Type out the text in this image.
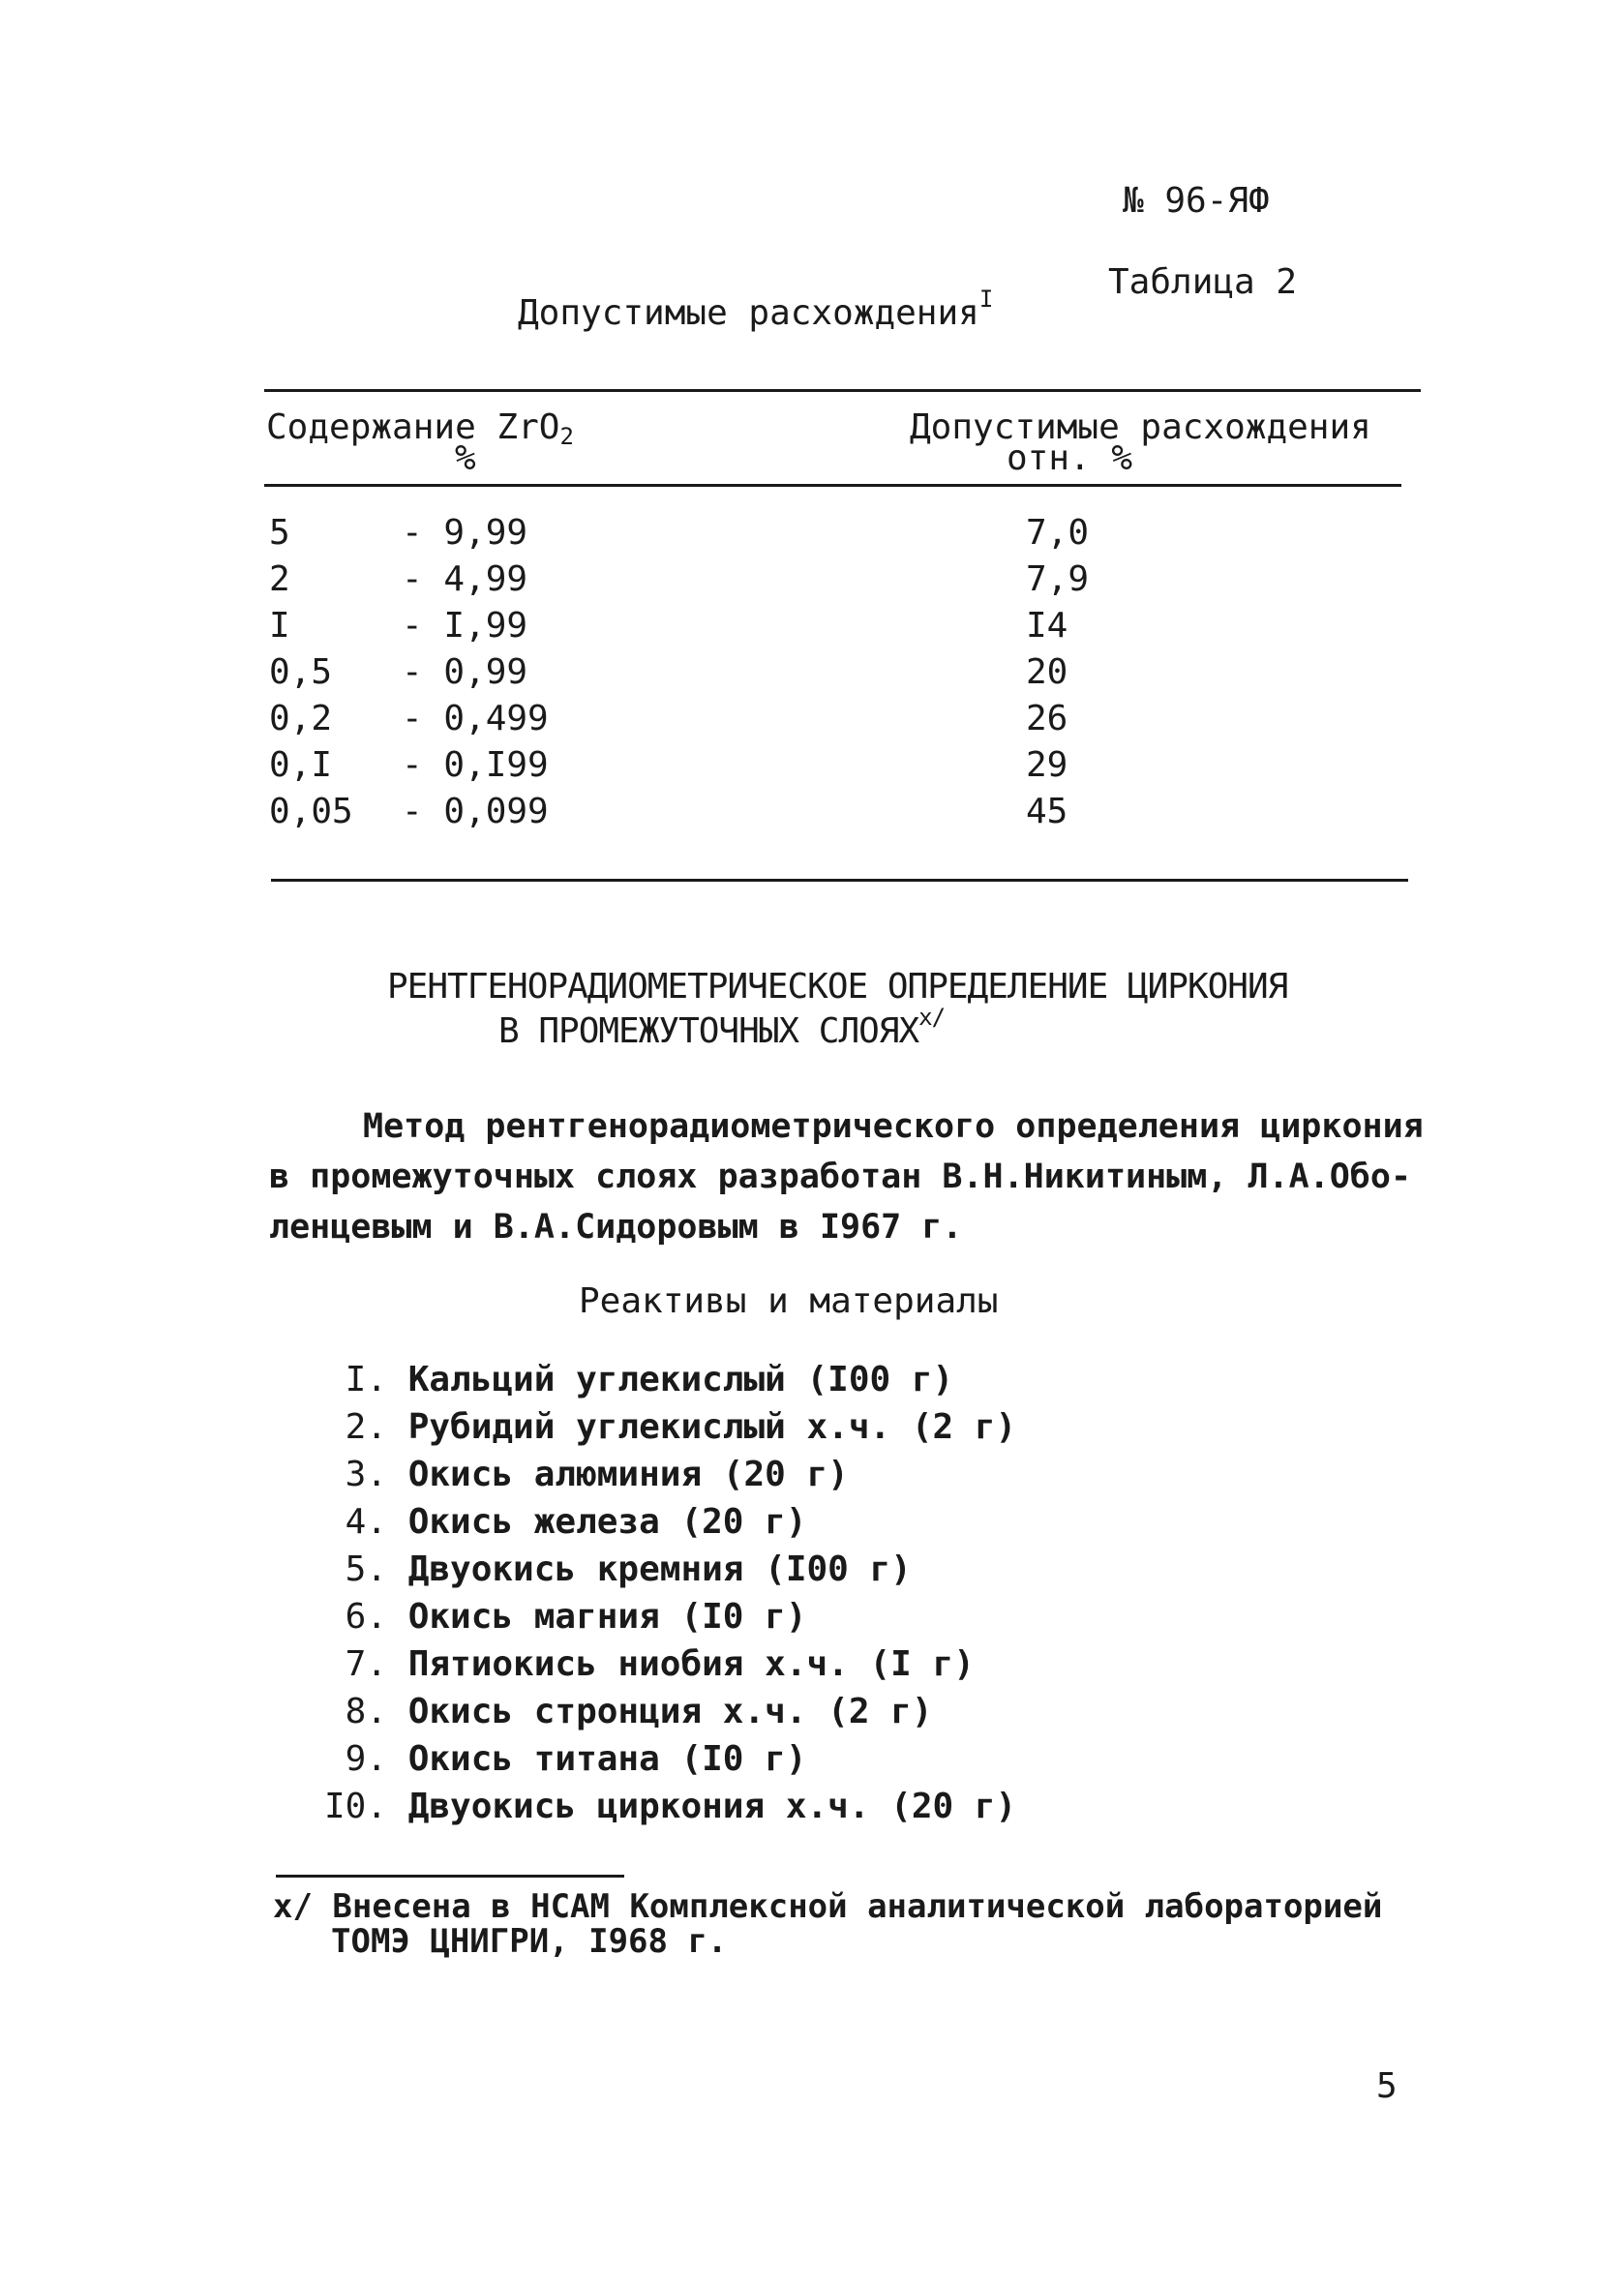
№ 96-ЯФ
Таблица 2
Допустимые расхождения$^I$
Содержание ZrO$_2$
%
Допустимые расхождения
отн. %
5	- 9,99	7,0
2	- 4,99	7,9
I	- I,99	I4
0,5 - 0,99	20
0,2 - 0,499	26
0,I - 0,I99	29
0,05 - 0,099	45
РЕНТГЕНОРАДИОМЕТРИЧЕСКОЕ ОПРЕДЕЛЕНИЕ ЦИРКОНИЯ
В ПРОМЕЖУТОЧНЫХ $СЛОЯХ^{x/}$
Метод рентгенорадиометрического определения циркония
в промежуточных слоях разработан В.Н.Никитиным, Л.А.Обо-
ленцевым и В.А.Сидоровым в I967 г.
Реактивы и материалы
I. Кальций углекислый (I00 г)
2. Рубидий углекислый х.ч. (2 г)
3. Окись алюминия (20 г)
4. Окись железа (20 г)
5. Двуокись кремния (I00 г)
6. Окись магния (I0 г)
7. Пятиокись ниобия х.ч. (I г)
8. Окись стронция х.ч. (2 г)
9. Окись титана (I0 г)
I0. Двуокись циркония х.ч. (20 г)
x/ Внесена в НСАМ Комплексной аналитической лабораторией
ТОМЭ ЦНИГРИ, I968 г.
5
